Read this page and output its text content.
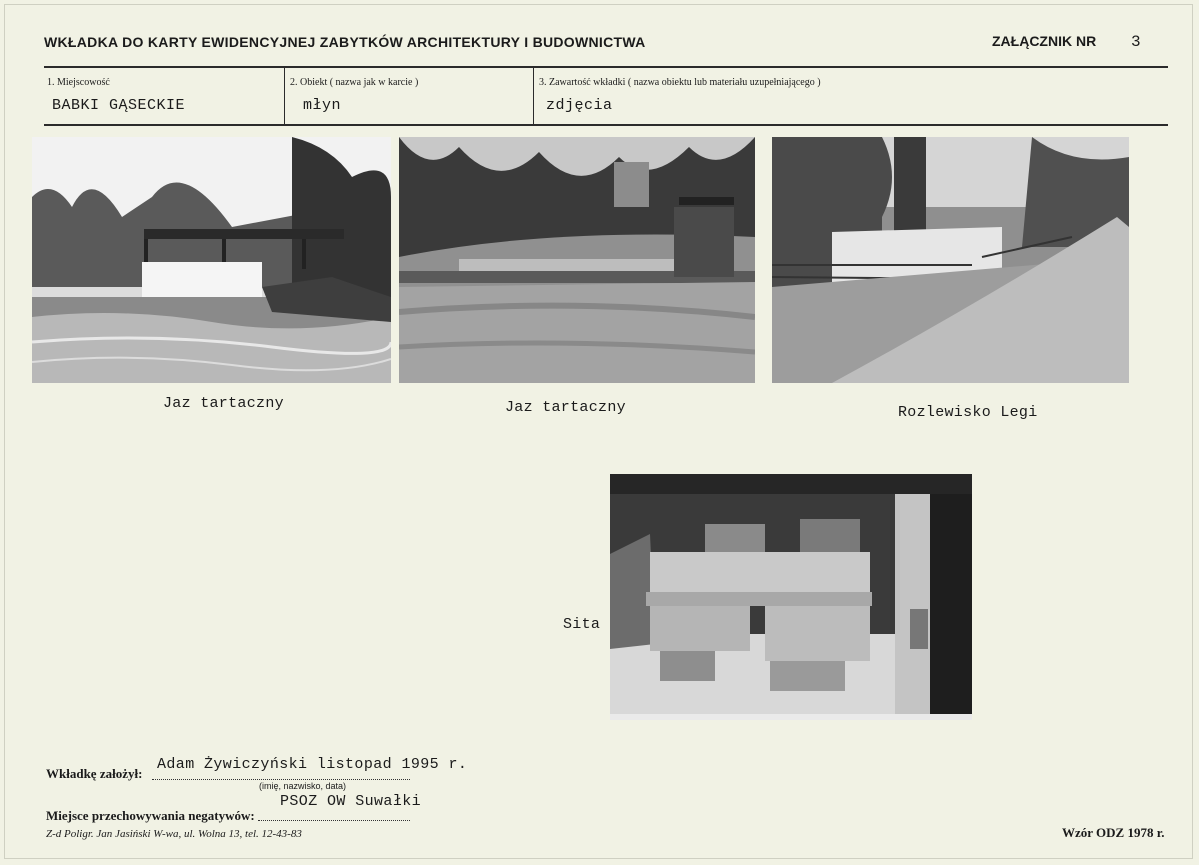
WKŁADKA DO KARTY EWIDENCYJNEJ ZABYTKÓW ARCHITEKTURY I BUDOWNICTWA	ZAŁĄCZNIK NR 3
1. Miejscowość
BABKI GĄSECKIE
2. Obiekt ( nazwa jak w karcie )
młyn
3. Zawartość wkładki ( nazwa obiektu lub materiału uzupełniającego )
zdjęcia
Jaz tartaczny	Jaz tartaczny	Rozlewisko Legi
Sita
Wkładkę założył:
Adam Żywiczyński listopad 1995 r.
(imię, nazwisko, data)
Miejsce przechowywania negatywów:
PSOZ OW Suwałki
Z-d Poligr. Jan Jasiński W-wa, ul. Wolna 13, tel. 12-43-83	Wzór ODZ 1978 r.
